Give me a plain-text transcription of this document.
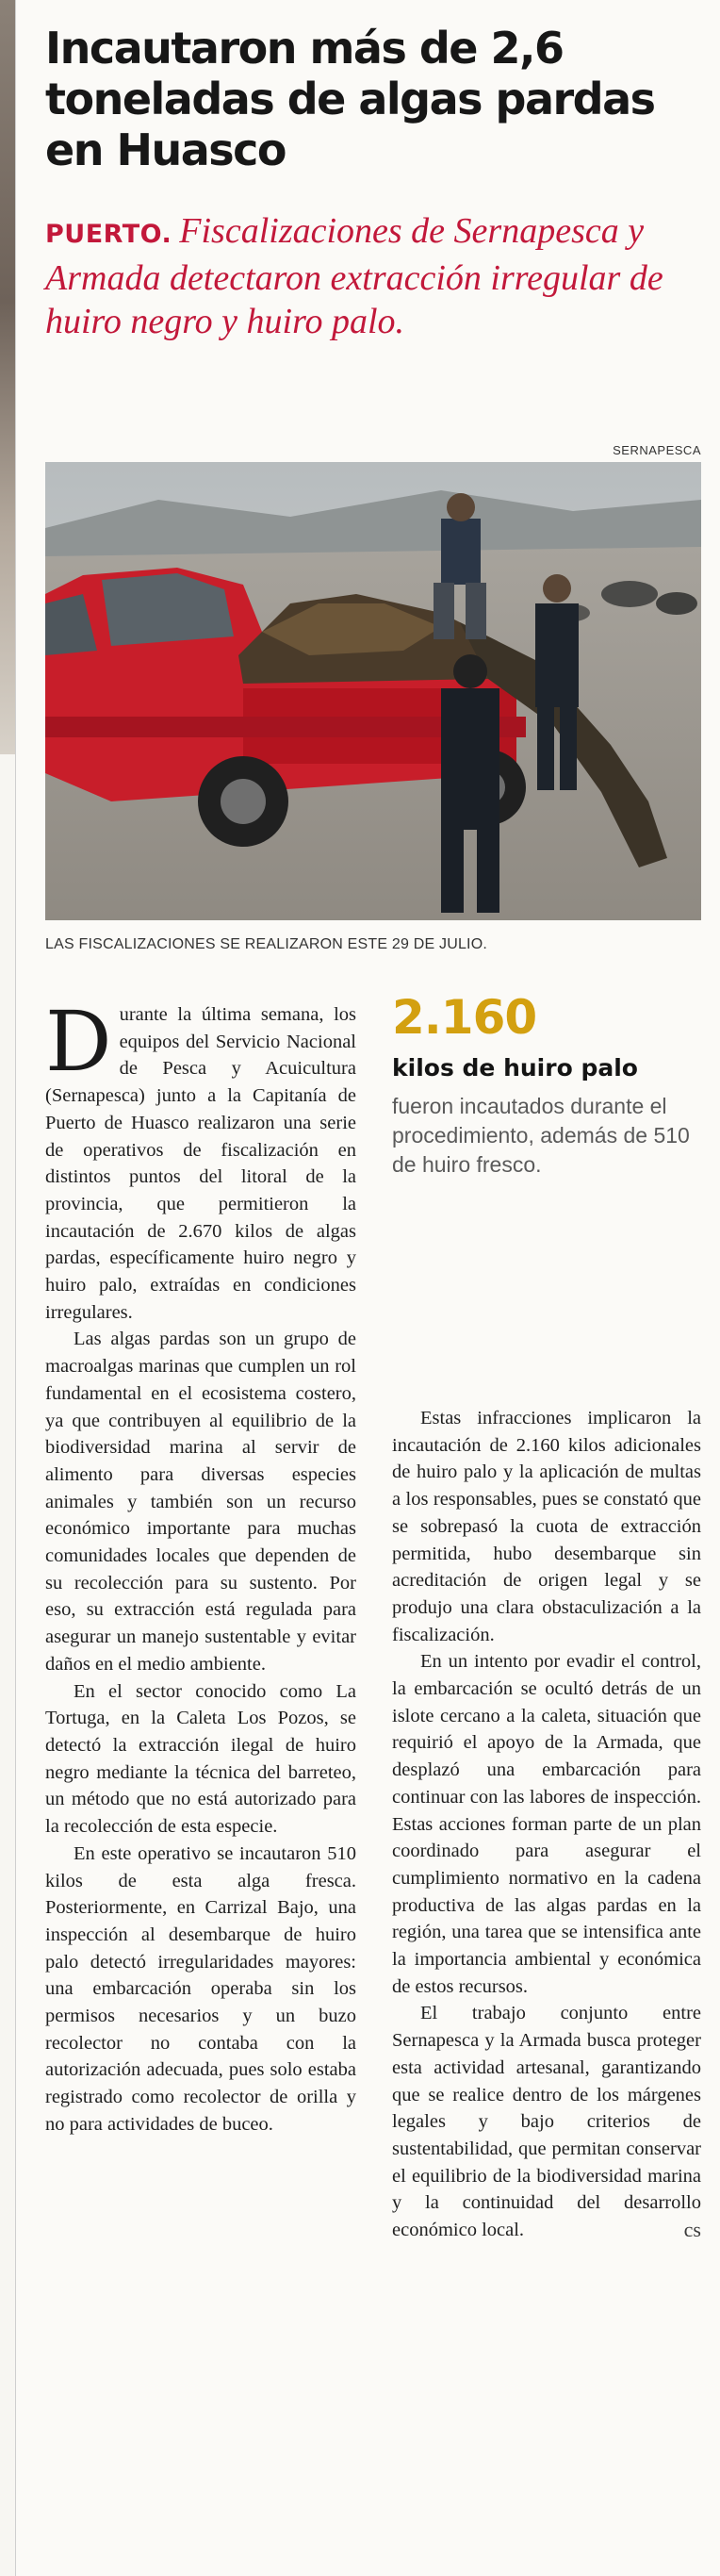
Incautaron más de 2,6 toneladas de algas pardas en Huasco
PUERTO. Fiscalizaciones de Sernapesca y Armada detectaron extracción irregular de huiro negro y huiro palo.
SERNAPESCA
LAS FISCALIZACIONES SE REALIZARON ESTE 29 DE JULIO.

Durante la última semana, los equipos del Servicio Nacional de Pesca y Acuicultura (Sernapesca) junto a la Capitanía de Puerto de Huasco realizaron una serie de operativos de fiscalización en distintos puntos del litoral de la provincia, que permitieron la incautación de 2.670 kilos de algas pardas, específicamente huiro negro y huiro palo, extraídas en condiciones irregulares.

Las algas pardas son un grupo de macroalgas marinas que cumplen un rol fundamental en el ecosistema costero, ya que contribuyen al equilibrio de la biodiversidad marina al servir de alimento para diversas especies animales y también son un recurso económico importante para muchas comunidades locales que dependen de su recolección para su sustento. Por eso, su extracción está regulada para asegurar un manejo sustentable y evitar daños en el medio ambiente.

En el sector conocido como La Tortuga, en la Caleta Los Pozos, se detectó la extracción ilegal de huiro negro mediante la técnica del barreteo, un método que no está autorizado para la recolección de esta especie.

En este operativo se incautaron 510 kilos de esta alga fresca. Posteriormente, en Carrizal Bajo, una inspección al desembarque de huiro palo detectó irregularidades mayores: una embarcación operaba sin los permisos necesarios y un buzo recolector no contaba con la autorización adecuada, pues solo estaba registrado como recolector de orilla y no para actividades de buceo.

2.160
kilos de huiro palo
fueron incautados durante el procedimiento, además de 510 de huiro fresco.

Estas infracciones implicaron la incautación de 2.160 kilos adicionales de huiro palo y la aplicación de multas a los responsables, pues se constató que se sobrepasó la cuota de extracción permitida, hubo desembarque sin acreditación de origen legal y se produjo una clara obstaculización a la fiscalización.

En un intento por evadir el control, la embarcación se ocultó detrás de un islote cercano a la caleta, situación que requirió el apoyo de la Armada, que desplazó una embarcación para continuar con las labores de inspección. Estas acciones forman parte de un plan coordinado para asegurar el cumplimiento normativo en la cadena productiva de las algas pardas en la región, una tarea que se intensifica ante la importancia ambiental y económica de estos recursos.

El trabajo conjunto entre Sernapesca y la Armada busca proteger esta actividad artesanal, garantizando que se realice dentro de los márgenes legales y bajo criterios de sustentabilidad, que permitan conservar el equilibrio de la biodiversidad marina y la continuidad del desarrollo económico local.	cs
